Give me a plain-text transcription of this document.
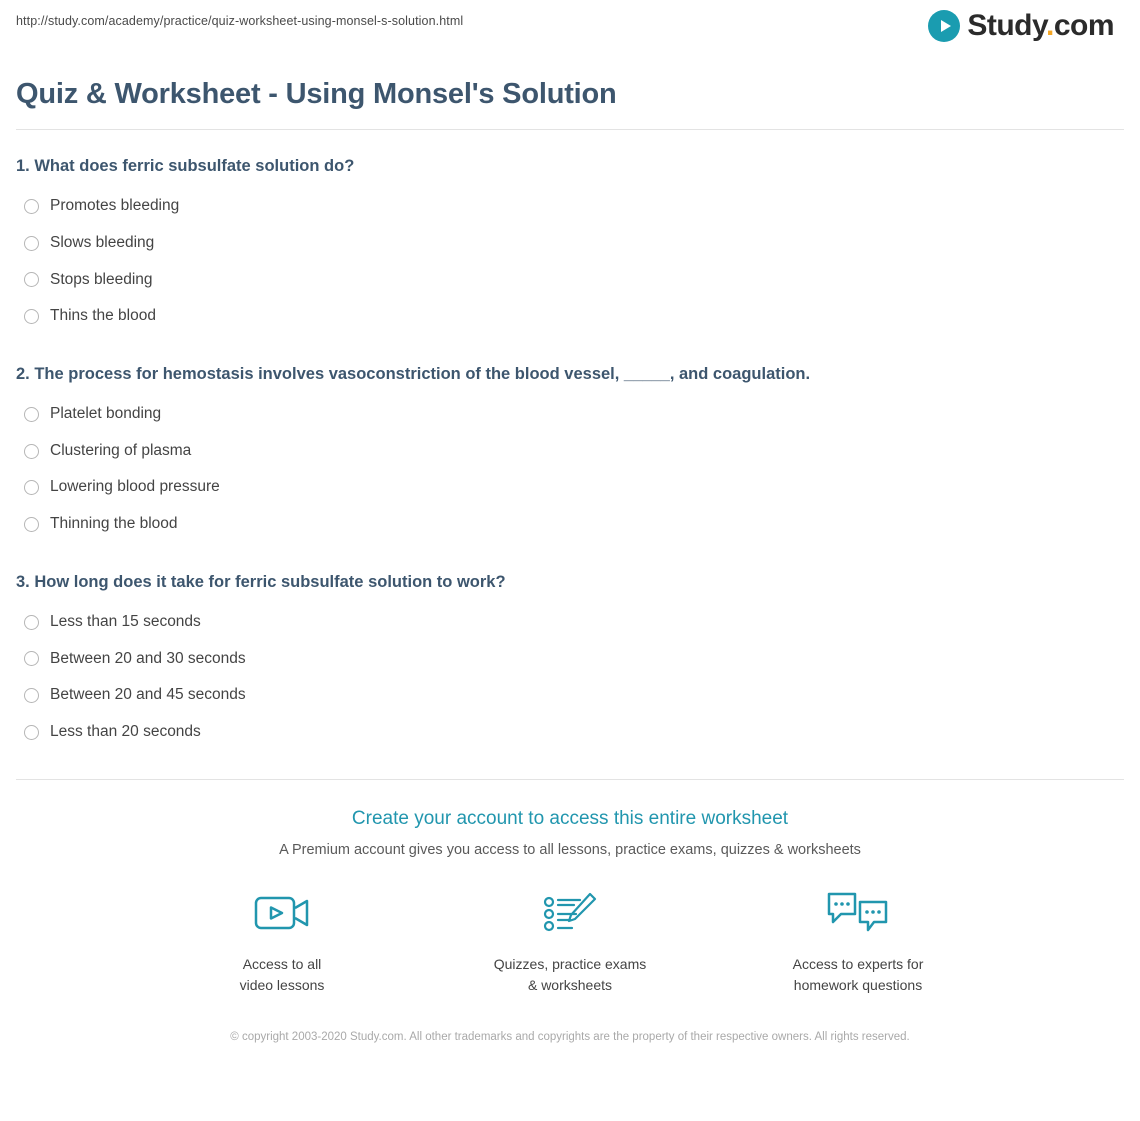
http://study.com/academy/practice/quiz-worksheet-using-monsel-s-solution.html	Study.com
Quiz & Worksheet - Using Monsel's Solution

1. What does ferric subsulfate solution do?

Promotes bleeding
Slows bleeding
Stops bleeding
Thins the blood

2. The process for hemostasis involves vasoconstriction of the blood vessel, _____, and coagulation.

Platelet bonding
Clustering of plasma
Lowering blood pressure
Thinning the blood

3. How long does it take for ferric subsulfate solution to work?

Less than 15 seconds
Between 20 and 30 seconds
Between 20 and 45 seconds
Less than 20 seconds
Create your account to access this entire worksheet
A Premium account gives you access to all lessons, practice exams, quizzes & worksheets
Access to all
video lessons
Quizzes, practice exams
& worksheets
Access to experts for
homework questions
© copyright 2003-2020 Study.com. All other trademarks and copyrights are the property of their respective owners. All rights reserved.
